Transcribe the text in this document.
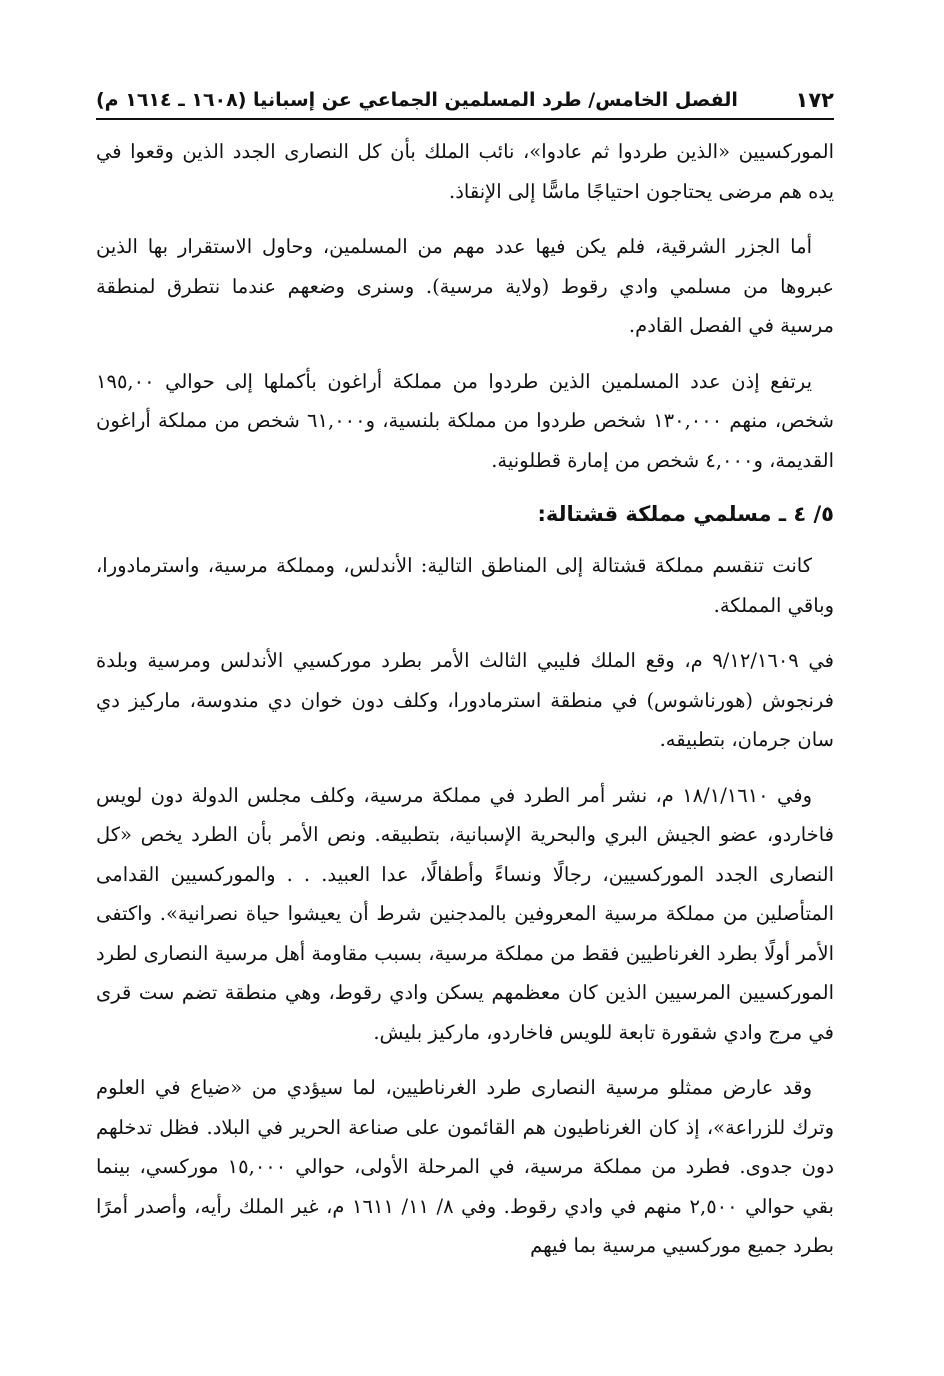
١٧٢
الفصل الخامس/ طرد المسلمين الجماعي عن إسبانيا (١٦٠٨ ـ ١٦١٤ م)

الموركسيين «الذين طردوا ثم عادوا»، نائب الملك بأن كل النصارى الجدد الذين وقعوا في يده هم مرضى يحتاجون احتياجًا ماسًّا إلى الإنقاذ.

أما الجزر الشرقية، فلم يكن فيها عدد مهم من المسلمين، وحاول الاستقرار بها الذين عبروها من مسلمي وادي رقوط (ولاية مرسية). وسنرى وضعهم عندما نتطرق لمنطقة مرسية في الفصل القادم.

يرتفع إذن عدد المسلمين الذين طردوا من مملكة أراغون بأكملها إلى حوالي ١٩٥,٠٠ شخص، منهم ١٣٠,٠٠٠ شخص طردوا من مملكة بلنسية، و٦١,٠٠٠ شخص من مملكة أراغون القديمة، و٤,٠٠٠ شخص من إمارة قطلونية.

٥/ ٤ ـ مسلمي مملكة قشتالة:

كانت تنقسم مملكة قشتالة إلى المناطق التالية: الأندلس، ومملكة مرسية، واسترمادورا، وباقي المملكة.

في ٩/١٢/١٦٠٩ م، وقع الملك فليبي الثالث الأمر بطرد موركسيي الأندلس ومرسية وبلدة فرنجوش (هورناشوس) في منطقة استرمادورا، وكلف دون خوان دي مندوسة، ماركيز دي سان جرمان، بتطبيقه.

وفي ١٨/١/١٦١٠ م، نشر أمر الطرد في مملكة مرسية، وكلف مجلس الدولة دون لويس فاخاردو، عضو الجيش البري والبحرية الإسبانية، بتطبيقه. ونص الأمر بأن الطرد يخص «كل النصارى الجدد الموركسيين، رجالًا ونساءً وأطفالًا، عدا العبيد. . . والموركسيين القدامى المتأصلين من مملكة مرسية المعروفين بالمدجنين شرط أن يعيشوا حياة نصرانية». واكتفى الأمر أولًا بطرد الغرناطيين فقط من مملكة مرسية، بسبب مقاومة أهل مرسية النصارى لطرد الموركسيين المرسيين الذين كان معظمهم يسكن وادي رقوط، وهي منطقة تضم ست قرى في مرج وادي شقورة تابعة للويس فاخاردو، ماركيز بليش.

وقد عارض ممثلو مرسية النصارى طرد الغرناطيين، لما سيؤدي من «ضياع في العلوم وترك للزراعة»، إذ كان الغرناطيون هم القائمون على صناعة الحرير في البلاد. فظل تدخلهم دون جدوى. فطرد من مملكة مرسية، في المرحلة الأولى، حوالي ١٥,٠٠٠ موركسي، بينما بقي حوالي ٢,٥٠٠ منهم في وادي رقوط. وفي ٨/ ١١/ ١٦١١ م، غير الملك رأيه، وأصدر أمرًا بطرد جميع موركسيي مرسية بما فيهم
